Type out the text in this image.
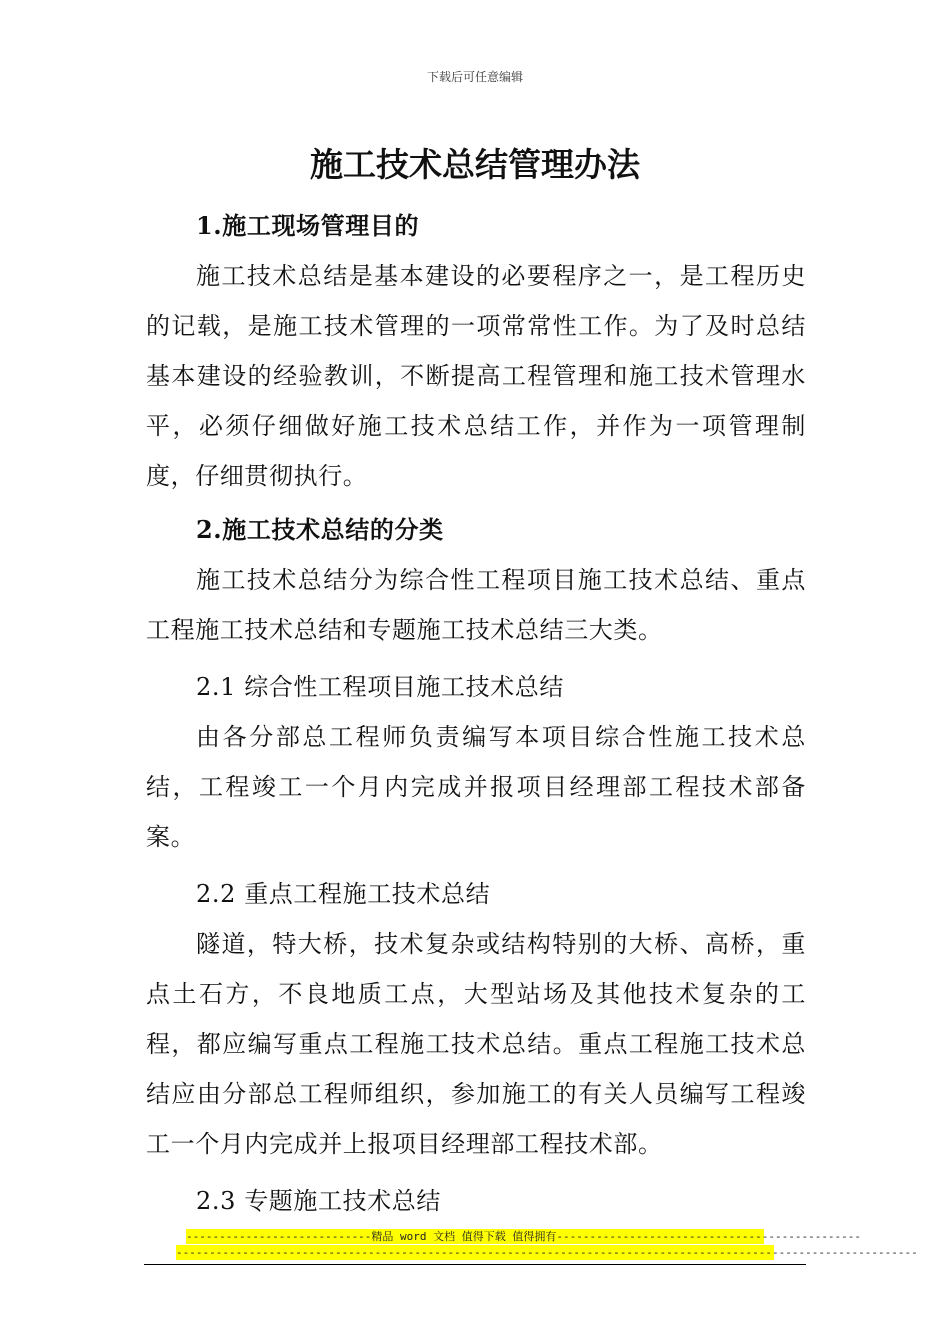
下载后可任意编辑
施工技术总结管理办法

1.施工现场管理目的

施工技术总结是基本建设的必要程序之一，是工程历史的记载，是施工技术管理的一项常常性工作。为了及时总结基本建设的经验教训，不断提高工程管理和施工技术管理水平，必须仔细做好施工技术总结工作，并作为一项管理制度，仔细贯彻执行。

2.施工技术总结的分类

施工技术总结分为综合性工程项目施工技术总结、重点工程施工技术总结和专题施工技术总结三大类。

2.1 综合性工程项目施工技术总结

由各分部总工程师负责编写本项目综合性施工技术总结，工程竣工一个月内完成并报项目经理部工程技术部备案。

2.2 重点工程施工技术总结

隧道，特大桥，技术复杂或结构特别的大桥、高桥，重点土石方，不良地质工点，大型站场及其他技术复杂的工程，都应编写重点工程施工技术总结。重点工程施工技术总结应由分部总工程师组织，参加施工的有关人员编写工程竣工一个月内完成并上报项目经理部工程技术部。

2.3 专题施工技术总结

----------------------------精品 word 文档 值得下载 值得拥有----------------------------------------------
----------------------------------------------------------------------------------------------------------------
